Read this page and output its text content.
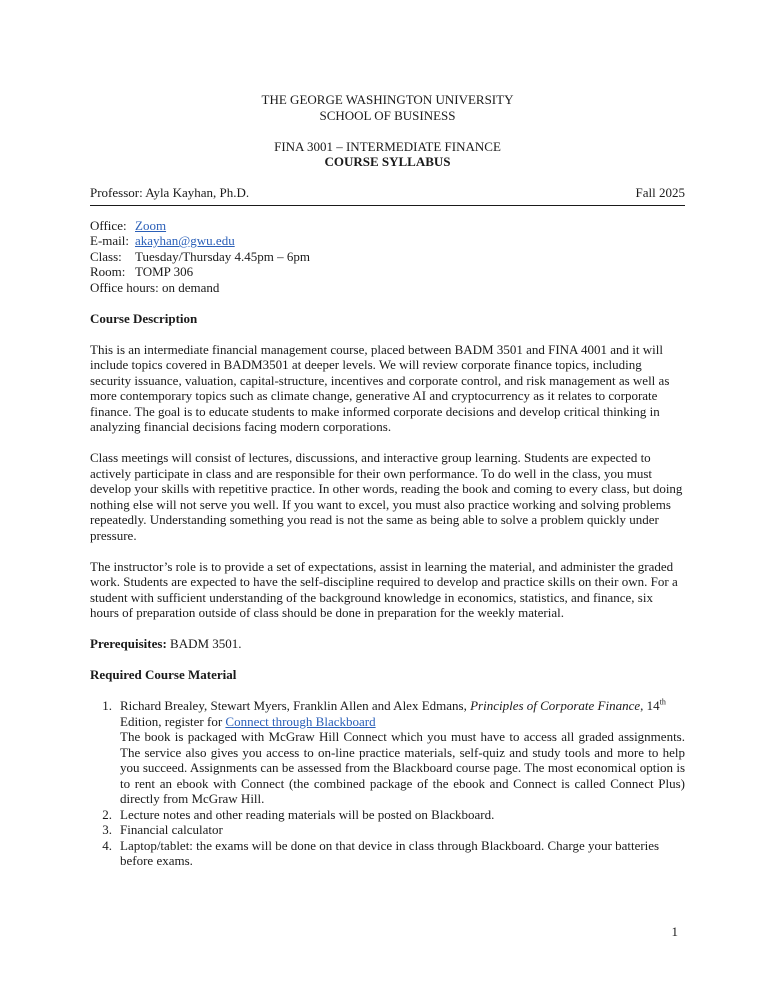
THE GEORGE WASHINGTON UNIVERSITY
SCHOOL OF BUSINESS
FINA 3001 – INTERMEDIATE FINANCE
COURSE SYLLABUS
Professor: Ayla Kayhan, Ph.D.	Fall 2025
Office: Zoom
E-mail: akayhan@gwu.edu
Class:	Tuesday/Thursday 4.45pm – 6pm
Room: TOMP 306
Office hours: on demand
Course Description

This is an intermediate financial management course, placed between BADM 3501 and FINA 4001 and it will include topics covered in BADM3501 at deeper levels. We will review corporate finance topics, including security issuance, valuation, capital-structure, incentives and corporate control, and risk management as well as more contemporary topics such as climate change, generative AI and cryptocurrency as it relates to corporate finance. The goal is to educate students to make informed corporate decisions and develop critical thinking in analyzing financial decisions facing modern corporations.

Class meetings will consist of lectures, discussions, and interactive group learning. Students are expected to actively participate in class and are responsible for their own performance. To do well in the class, you must develop your skills with repetitive practice. In other words, reading the book and coming to every class, but doing nothing else will not serve you well. If you want to excel, you must also practice working and solving problems repeatedly. Understanding something you read is not the same as being able to solve a problem quickly under pressure.

The instructor’s role is to provide a set of expectations, assist in learning the material, and administer the graded work. Students are expected to have the self-discipline required to develop and practice skills on their own. For a student with sufficient understanding of the background knowledge in economics, statistics, and finance, six hours of preparation outside of class should be done in preparation for the weekly material.

Prerequisites: BADM 3501.
Required Course Material
1. Richard Brealey, Stewart Myers, Franklin Allen and Alex Edmans, Principles of Corporate Finance, 14th Edition, register for Connect through Blackboard
The book is packaged with McGraw Hill Connect which you must have to access all graded assignments. The service also gives you access to on-line practice materials, self-quiz and study tools and more to help you succeed. Assignments can be assessed from the Blackboard course page. The most economical option is to rent an ebook with Connect (the combined package of the ebook and Connect is called Connect Plus) directly from McGraw Hill.
2. Lecture notes and other reading materials will be posted on Blackboard.
3. Financial calculator
4. Laptop/tablet: the exams will be done on that device in class through Blackboard. Charge your batteries before exams.
1
